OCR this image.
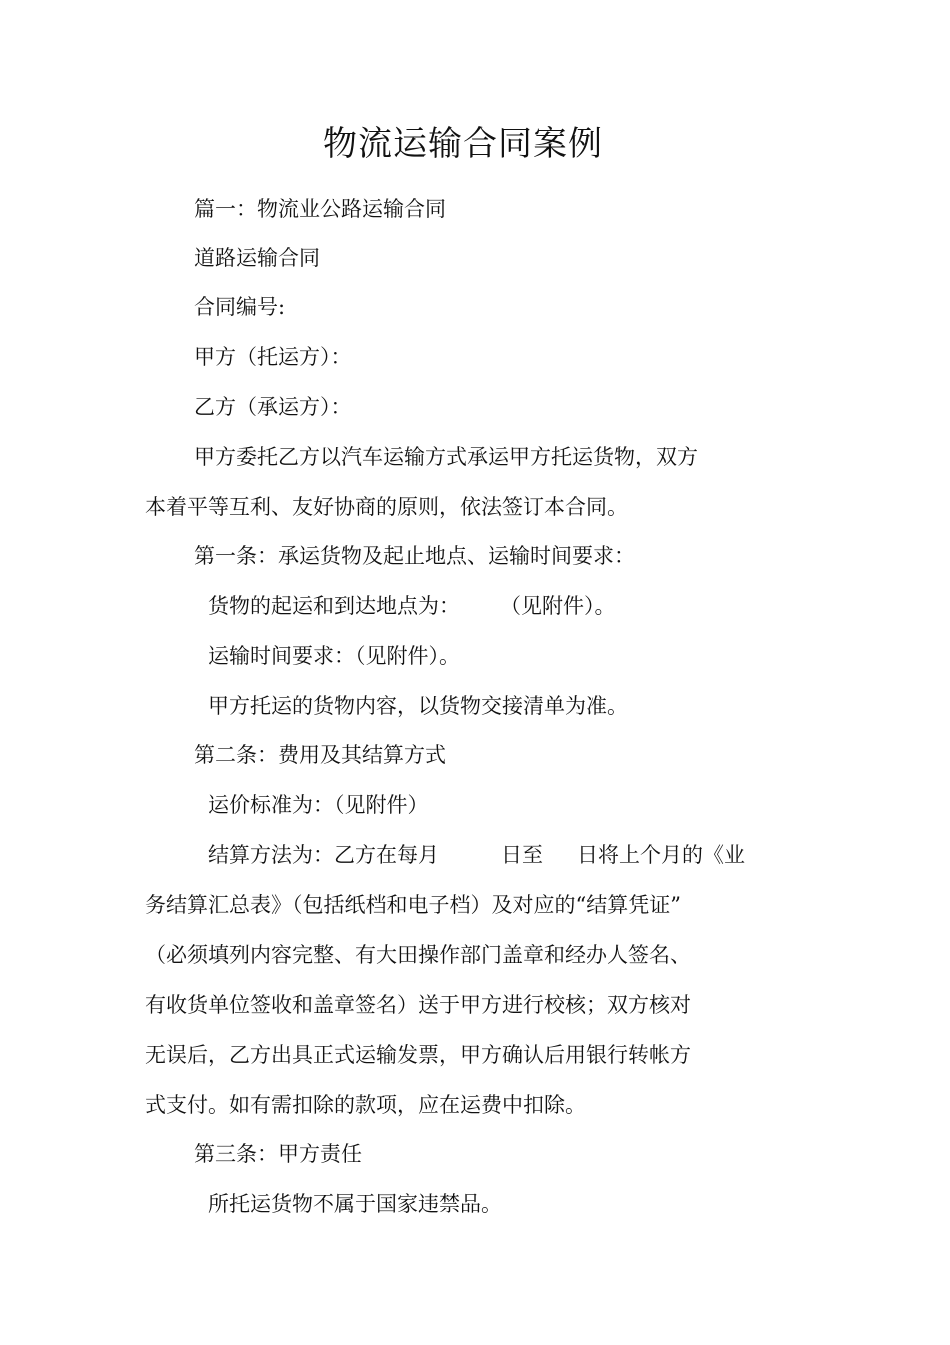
物流运输合同案例
篇一：物流业公路运输合同
道路运输合同
合同编号:
甲方（托运方）：
乙方（承运方）：
甲方委托乙方以汽车运输方式承运甲方托运货物，双方
本着平等互利、友好协商的原则，依法签订本合同。
第一条：承运货物及起止地点、运输时间要求：
货物的起运和到达地点为： （见附件）。
运输时间要求：（见附件）。
甲方托运的货物内容，以货物交接清单为准。
第二条：费用及其结算方式
运价标准为：（见附件）
结算方法为：乙方在每月	日至 日将上个月的《业
务结算汇总表》（包括纸档和电子档）及对应的“结算凭证”
（必须填列内容完整、有大田操作部门盖章和经办人签名、
有收货单位签收和盖章签名）送于甲方进行校核；双方核对
无误后，乙方出具正式运输发票，甲方确认后用银行转帐方
式支付。如有需扣除的款项，应在运费中扣除。
第三条：甲方责任
所托运货物不属于国家违禁品。
